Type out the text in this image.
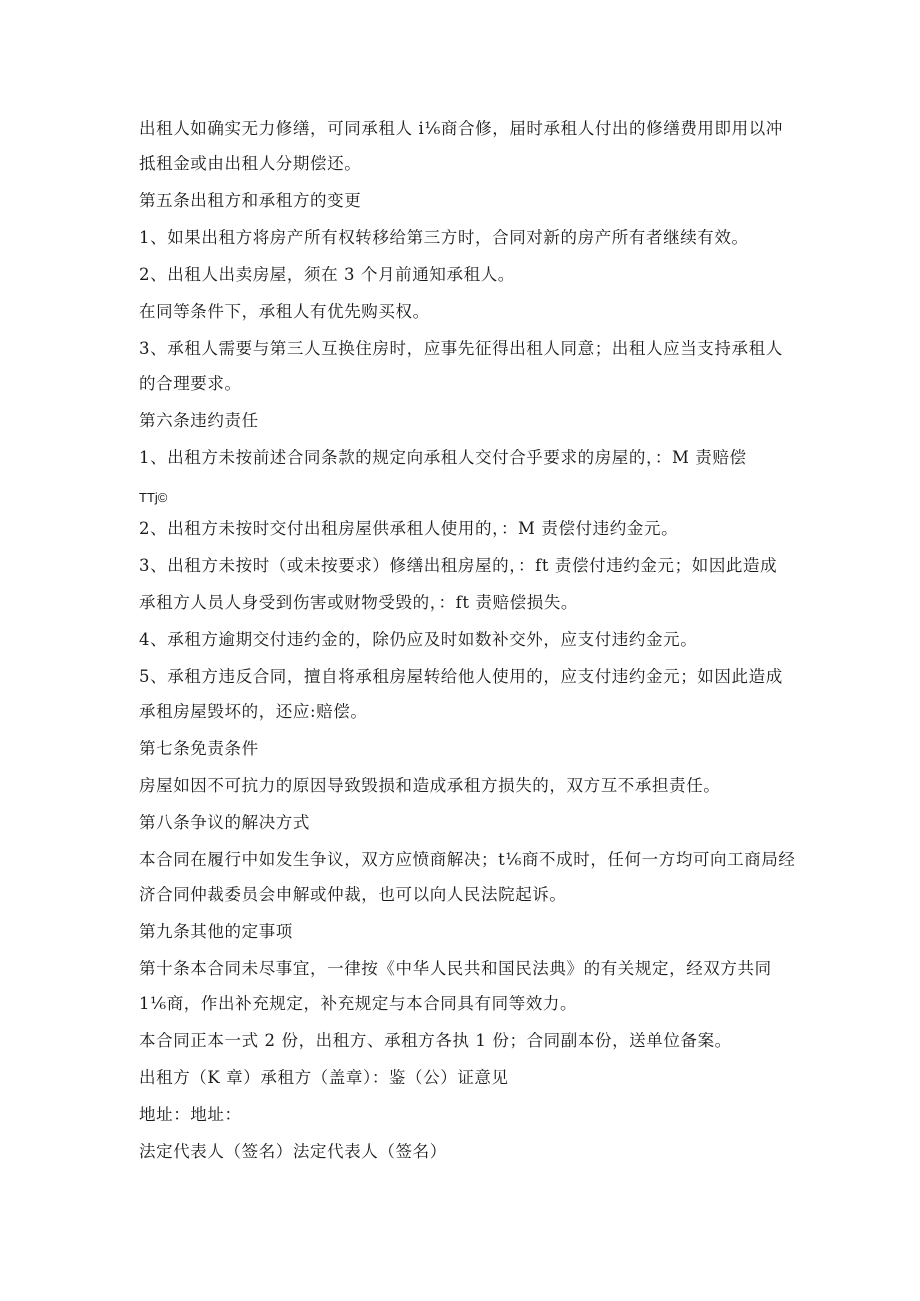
出租人如确实无力修缮，可同承租人 i⅙商合修，届时承租人付出的修缮费用即用以冲
抵租金或由出租人分期偿还。
第五条出租方和承租方的变更
1、如果出租方将房产所有权转移给第三方时，合同对新的房产所有者继续有效。
2、出租人出卖房屋，须在 3 个月前通知承租人。
在同等条件下，承租人有优先购买权。
3、承租人需要与第三人互换住房时，应事先征得出租人同意；出租人应当支持承租人
的合理要求。
第六条违约责任
1、出租方未按前述合同条款的规定向承租人交付合乎要求的房屋的，：M 责赔偿
TTj©
2、出租方未按时交付出租房屋供承租人使用的，：M 责偿付违约金元。
3、出租方未按时（或未按要求）修缮出租房屋的，：ft 责偿付违约金元；如因此造成
承租方人员人身受到伤害或财物受毁的，：ft 责赔偿损失。
4、承租方逾期交付违约金的，除仍应及时如数补交外，应支付违约金元。
5、承租方违反合同，擅自将承租房屋转给他人使用的，应支付违约金元；如因此造成
承租房屋毁坏的，还应:赔偿。
第七条免责条件
房屋如因不可抗力的原因导致毁损和造成承租方损失的，双方互不承担责任。
第八条争议的解决方式
本合同在履行中如发生争议，双方应愤商解决；t⅙商不成时，任何一方均可向工商局经
济合同仲裁委员会申解或仲裁，也可以向人民法院起诉。
第九条其他的定事项
第十条本合同未尽事宜，一律按《中华人民共和国民法典》的有关规定，经双方共同
1⅙商，作出补充规定，补充规定与本合同具有同等效力。
本合同正本一式 2 份，出租方、承租方各执 1 份；合同副本份，送单位备案。
出租方（K 章）承租方（盖章）：鉴（公）证意见
地址：地址：
法定代表人（签名）法定代表人（签名）
